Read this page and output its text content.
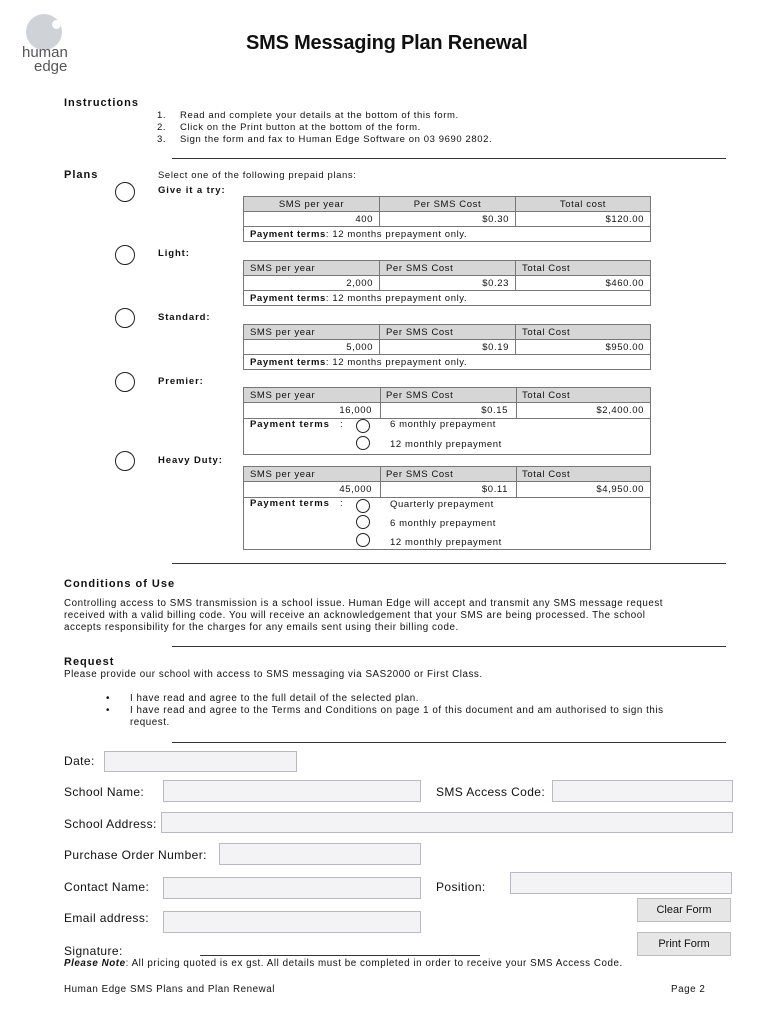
human
edge
SMS Messaging Plan Renewal
Instructions
1. Read and complete your details at the bottom of this form.
2. Click on the Print button at the bottom of the form.
3. Sign the form and fax to Human Edge Software on 03 9690 2802.
Plans	Select one of the following prepaid plans:
Give it a try:
SMS per year	Per SMS Cost	Total cost
400	$0.30	$120.00
Payment terms: 12 months prepayment only.		
Light:
SMS per year	Per SMS Cost	Total Cost
2,000	$0.23	$460.00
Payment terms: 12 months prepayment only.		
Standard:
SMS per year	Per SMS Cost	Total Cost
5,000	$0.19	$950.00
Payment terms: 12 months prepayment only.		
Premier:
SMS per year	Per SMS Cost	Total Cost
16,000	$0.15	$2,400.00
Payment terms :	6 monthly prepayment
12 monthly prepayment
Heavy Duty:
SMS per year	Per SMS Cost	Total Cost
45,000	$0.11	$4,950.00
Payment terms :	Quarterly prepayment
6 monthly prepayment
12 monthly prepayment
Conditions of Use
Controlling access to SMS transmission is a school issue. Human Edge will accept and transmit any SMS message request
received with a valid billing code. You will receive an acknowledgement that your SMS are being processed. The school
accepts responsibility for the charges for any emails sent using their billing code.
Request
Please provide our school with access to SMS messaging via SAS2000 or First Class.
• I have read and agree to the full detail of the selected plan.
• I have read and agree to the Terms and Conditions on page 1 of this document and am authorised to sign this
request.
Date:
School Name:	SMS Access Code:
School Address:
Purchase Order Number:
Contact Name:	Position:
Email address:
Clear Form
Print Form
Signature:
Please Note: All pricing quoted is ex gst. All details must be completed in order to receive your SMS Access Code.
Human Edge SMS Plans and Plan Renewal	Page 2
